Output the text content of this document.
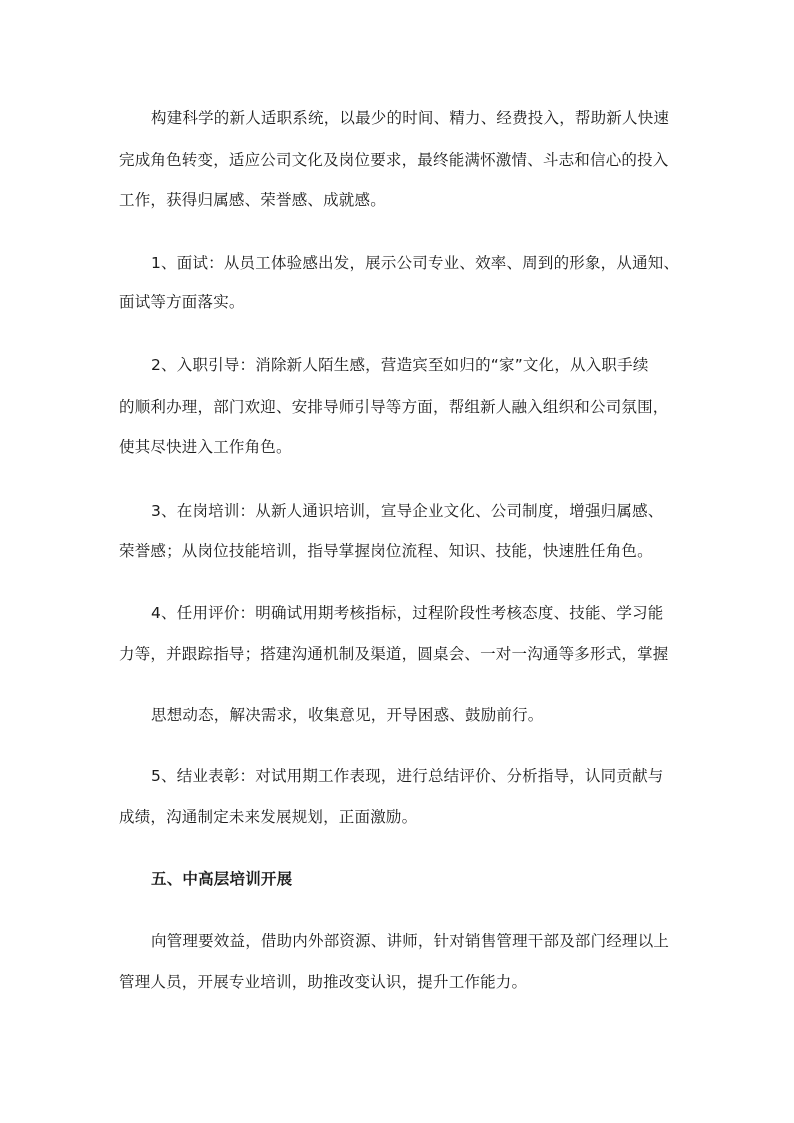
构建科学的新人适职系统，以最少的时间、精力、经费投入，帮助新人快速
完成角色转变，适应公司文化及岗位要求，最终能满怀激情、斗志和信心的投入
工作，获得归属感、荣誉感、成就感。
1、面试：从员工体验感出发，展示公司专业、效率、周到的形象，从通知、
面试等方面落实。
2、入职引导：消除新人陌生感，营造宾至如归的“家”文化，从入职手续
的顺利办理，部门欢迎、安排导师引导等方面，帮组新人融入组织和公司氛围，
使其尽快进入工作角色。
3、在岗培训：从新人通识培训，宣导企业文化、公司制度，增强归属感、
荣誉感；从岗位技能培训，指导掌握岗位流程、知识、技能，快速胜任角色。
4、任用评价：明确试用期考核指标，过程阶段性考核态度、技能、学习能
力等，并跟踪指导；搭建沟通机制及渠道，圆桌会、一对一沟通等多形式，掌握
思想动态，解决需求，收集意见，开导困惑、鼓励前行。
5、结业表彰：对试用期工作表现，进行总结评价、分析指导，认同贡献与
成绩，沟通制定未来发展规划，正面激励。
五、中高层培训开展
向管理要效益，借助内外部资源、讲师，针对销售管理干部及部门经理以上
管理人员，开展专业培训，助推改变认识，提升工作能力。
